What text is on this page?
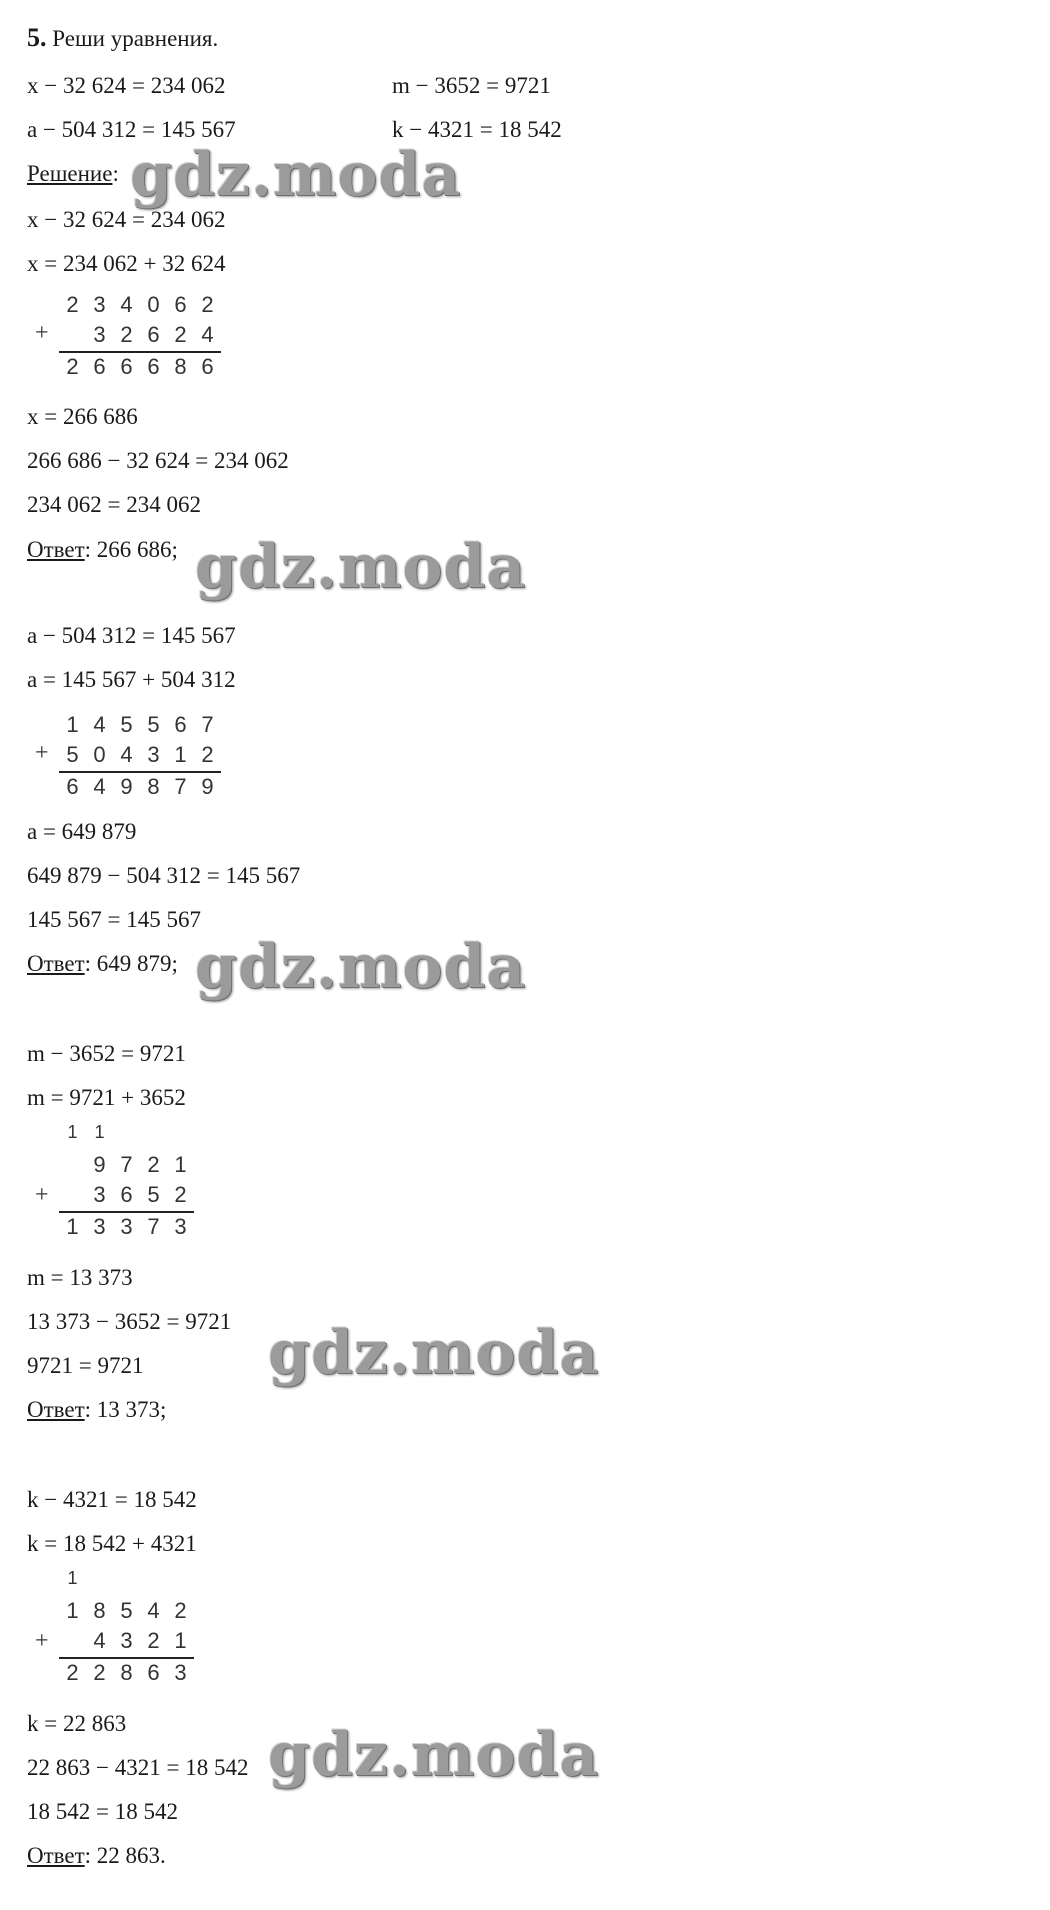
5. Реши уравнения.
x − 32 624 = 234 062	m − 3652 = 9721
a − 504 312 = 145 567	k − 4321 = 18 542
Решение:
x − 32 624 = 234 062
x = 234 062 + 32 624
2 3 4 0 6 2
+
	3 2 6 2 4
2 6 6 6 8 6
x = 266 686
266 686 − 32 624 = 234 062
234 062 = 234 062
Ответ: 266 686;
a − 504 312 = 145 567
a = 145 567 + 504 312
1 4 5 5 6 7
+ 5 0 4 3 1 2
6 4 9 8 7 9
a = 649 879
649 879 − 504 312 = 145 567
145 567 = 145 567
Ответ: 649 879;
m − 3652 = 9721
m = 9721 + 3652
1 1

9 7 2 1
+
	3 6 5 2
1 3 3 7 3
m = 13 373
13 373 − 3652 = 9721
9721 = 9721
Ответ: 13 373;
k − 4321 = 18 542
k = 18 542 + 4321
1
1 8 5 4 2
+
	4 3 2 1
2 2 8 6 3
k = 22 863
22 863 − 4321 = 18 542
18 542 = 18 542
Ответ: 22 863.
gdz.moda
gdz.moda
gdz.moda
gdz.moda
gdz.moda
